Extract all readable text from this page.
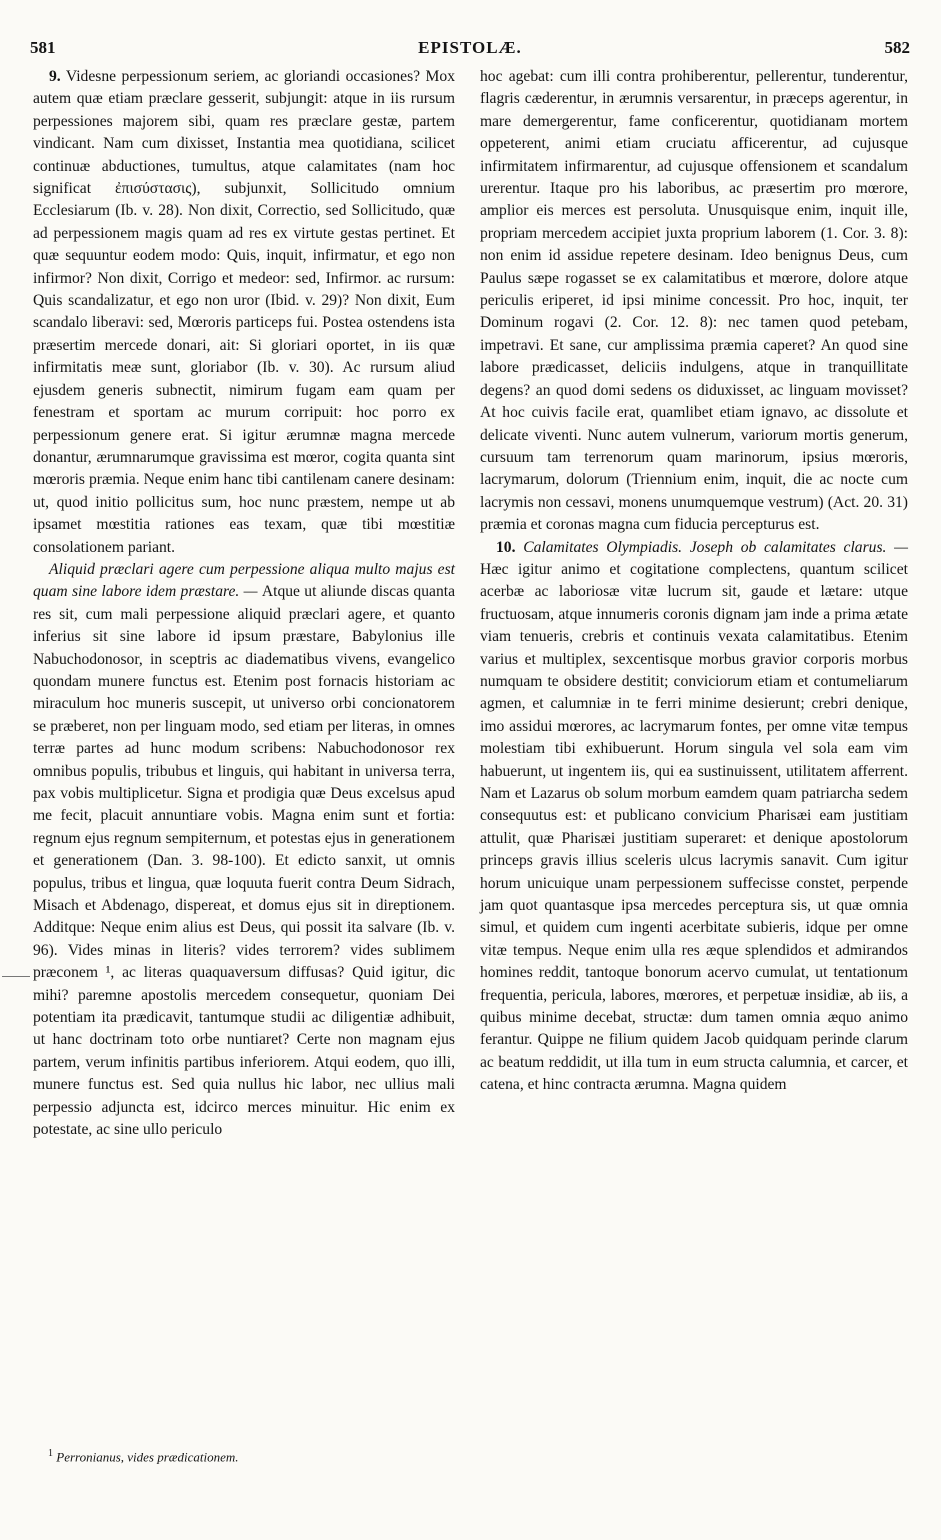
581	EPISTOLÆ.	582

9. Videsne perpessionum seriem, ac gloriandi occasiones? Mox autem quæ etiam præclare gesserit, subjungit: atque in iis rursum perpessiones majorem sibi, quam res præclare gestæ, partem vindicant. Nam cum dixisset, Instantia mea quotidiana, scilicet continuæ abductiones, tumultus, atque calamitates (nam hoc significat ἐπισύστασις), subjunxit, Sollicitudo omnium Ecclesiarum (Ib. v. 28). Non dixit, Correctio, sed Sollicitudo, quæ ad perpessionem magis quam ad res ex virtute gestas pertinet. Et quæ sequuntur eodem modo: Quis, inquit, infirmatur, et ego non infirmor? Non dixit, Corrigo et medeor: sed, Infirmor. ac rursum: Quis scandalizatur, et ego non uror (Ibid. v. 29)? Non dixit, Eum scandalo liberavi: sed, Mœroris particeps fui. Postea ostendens ista præsertim mercede donari, ait: Si gloriari oportet, in iis quæ infirmitatis meæ sunt, gloriabor (Ib. v. 30). Ac rursum aliud ejusdem generis subnectit, nimirum fugam eam quam per fenestram et sportam ac murum corripuit: hoc porro ex perpessionum genere erat. Si igitur ærumnæ magna mercede donantur, ærumnarumque gravissima est mœror, cogita quanta sint mœroris præmia. Neque enim hanc tibi cantilenam canere desinam: ut, quod initio pollicitus sum, hoc nunc præstem, nempe ut ab ipsamet mœstitia rationes eas texam, quæ tibi mœstitiæ consolationem pariant.

Aliquid præclari agere cum perpessione aliqua multo majus est quam sine labore idem præstare. — Atque ut aliunde discas quanta res sit, cum mali perpessione aliquid præclari agere, et quanto inferius sit sine labore id ipsum præstare, Babylonius ille Nabuchodonosor, in sceptris ac diadematibus vivens, evangelico quondam munere functus est. Etenim post fornacis historiam ac miraculum hoc muneris suscepit, ut universo orbi concionatorem se præberet, non per linguam modo, sed etiam per literas, in omnes terræ partes ad hunc modum scribens: Nabuchodonosor rex omnibus populis, tribubus et linguis, qui habitant in universa terra, pax vobis multiplicetur. Signa et prodigia quæ Deus excelsus apud me fecit, placuit annuntiare vobis. Magna enim sunt et fortia: regnum ejus regnum sempiternum, et potestas ejus in generationem et generationem (Dan. 3. 98-100). Et edicto sanxit, ut omnis populus, tribus et lingua, quæ loquuta fuerit contra Deum Sidrach, Misach et Abdenago, dispereat, et domus ejus sit in direptionem. Additque: Neque enim alius est Deus, qui possit ita salvare (Ib. v. 96). Vides minas in literis? vides terrorem? vides sublimem præconem ¹, ac literas quaquaversum diffusas? Quid igitur, dic mihi? paremne apostolis mercedem consequetur, quoniam Dei potentiam ita prædicavit, tantumque studii ac diligentiæ adhibuit, ut hanc doctrinam toto orbe nuntiaret? Certe non magnam ejus partem, verum infinitis partibus inferiorem. Atqui eodem, quo illi, munere functus est. Sed quia nullus hic labor, nec ullius mali perpessio adjuncta est, idcirco merces minuitur. Hic enim ex potestate, ac sine ullo periculo

hoc agebat: cum illi contra prohiberentur, pellerentur, tunderentur, flagris cæderentur, in ærumnis versarentur, in præceps agerentur, in mare demergerentur, fame conficerentur, quotidianam mortem oppeterent, animi etiam cruciatu afficerentur, ad cujusque infirmitatem infirmarentur, ad cujusque offensionem et scandalum urerentur. Itaque pro his laboribus, ac præsertim pro mœrore, amplior eis merces est persoluta. Unusquisque enim, inquit ille, propriam mercedem accipiet juxta proprium laborem (1. Cor. 3. 8): non enim id assidue repetere desinam. Ideo benignus Deus, cum Paulus sæpe rogasset se ex calamitatibus et mœrore, dolore atque periculis eriperet, id ipsi minime concessit. Pro hoc, inquit, ter Dominum rogavi (2. Cor. 12. 8): nec tamen quod petebam, impetravi. Et sane, cur amplissima præmia caperet? An quod sine labore prædicasset, deliciis indulgens, atque in tranquillitate degens? an quod domi sedens os diduxisset, ac linguam movisset? At hoc cuivis facile erat, quamlibet etiam ignavo, ac dissolute et delicate viventi. Nunc autem vulnerum, variorum mortis generum, cursuum tam terrenorum quam marinorum, ipsius mœroris, lacrymarum, dolorum (Triennium enim, inquit, die ac nocte cum lacrymis non cessavi, monens unumquemque vestrum) (Act. 20. 31) præmia et coronas magna cum fiducia percepturus est.

10. Calamitates Olympiadis. Joseph ob calamitates clarus. — Hæc igitur animo et cogitatione complectens, quantum scilicet acerbæ ac laboriosæ vitæ lucrum sit, gaude et lætare: utque fructuosam, atque innumeris coronis dignam jam inde a prima ætate viam tenueris, crebris et continuis vexata calamitatibus. Etenim varius et multiplex, sexcentisque morbus gravior corporis morbus numquam te obsidere destitit; conviciorum etiam et contumeliarum agmen, et calumniæ in te ferri minime desierunt; crebri denique, imo assidui mœrores, ac lacrymarum fontes, per omne vitæ tempus molestiam tibi exhibuerunt. Horum singula vel sola eam vim habuerunt, ut ingentem iis, qui ea sustinuissent, utilitatem afferrent. Nam et Lazarus ob solum morbum eamdem quam patriarcha sedem consequutus est: et publicano convicium Pharisæi eam justitiam attulit, quæ Pharisæi justitiam superaret: et denique apostolorum princeps gravis illius sceleris ulcus lacrymis sanavit. Cum igitur horum unicuique unam perpessionem suffecisse constet, perpende jam quot quantasque ipsa mercedes perceptura sis, ut quæ omnia simul, et quidem cum ingenti acerbitate subieris, idque per omne vitæ tempus. Neque enim ulla res æque splendidos et admirandos homines reddit, tantoque bonorum acervo cumulat, ut tentationum frequentia, pericula, labores, mœrores, et perpetuæ insidiæ, ab iis, a quibus minime decebat, structæ: dum tamen omnia æquo animo ferantur. Quippe ne filium quidem Jacob quidquam perinde clarum ac beatum reddidit, ut illa tum in eum structa calumnia, et carcer, et catena, et hinc contracta ærumna. Magna quidem

$^1$ Perronianus, vides prædicationem.
